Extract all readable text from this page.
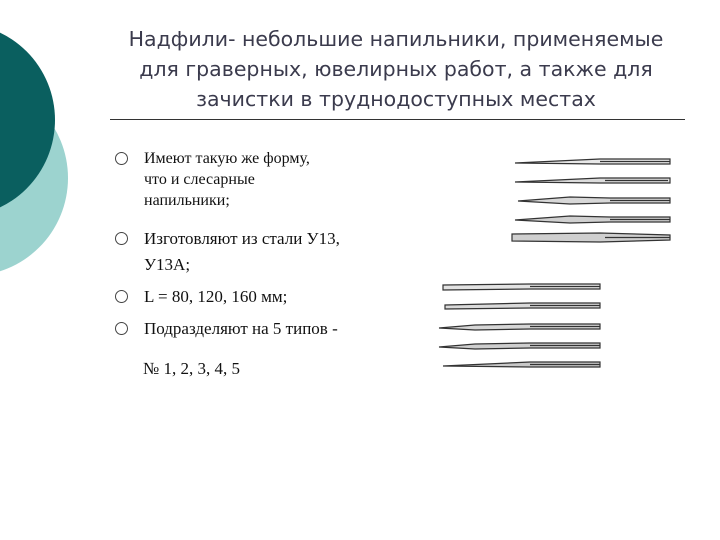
Надфили- небольшие напильники, применяемые
для граверных, ювелирных работ, а также для
зачистки в труднодоступных местах
Имеют такую же форму,
что и слесарные
напильники;
Изготовляют из стали У13,
У13А;
L = 80, 120, 160 мм;
Подразделяют на 5 типов -
№ 1, 2, 3, 4, 5
